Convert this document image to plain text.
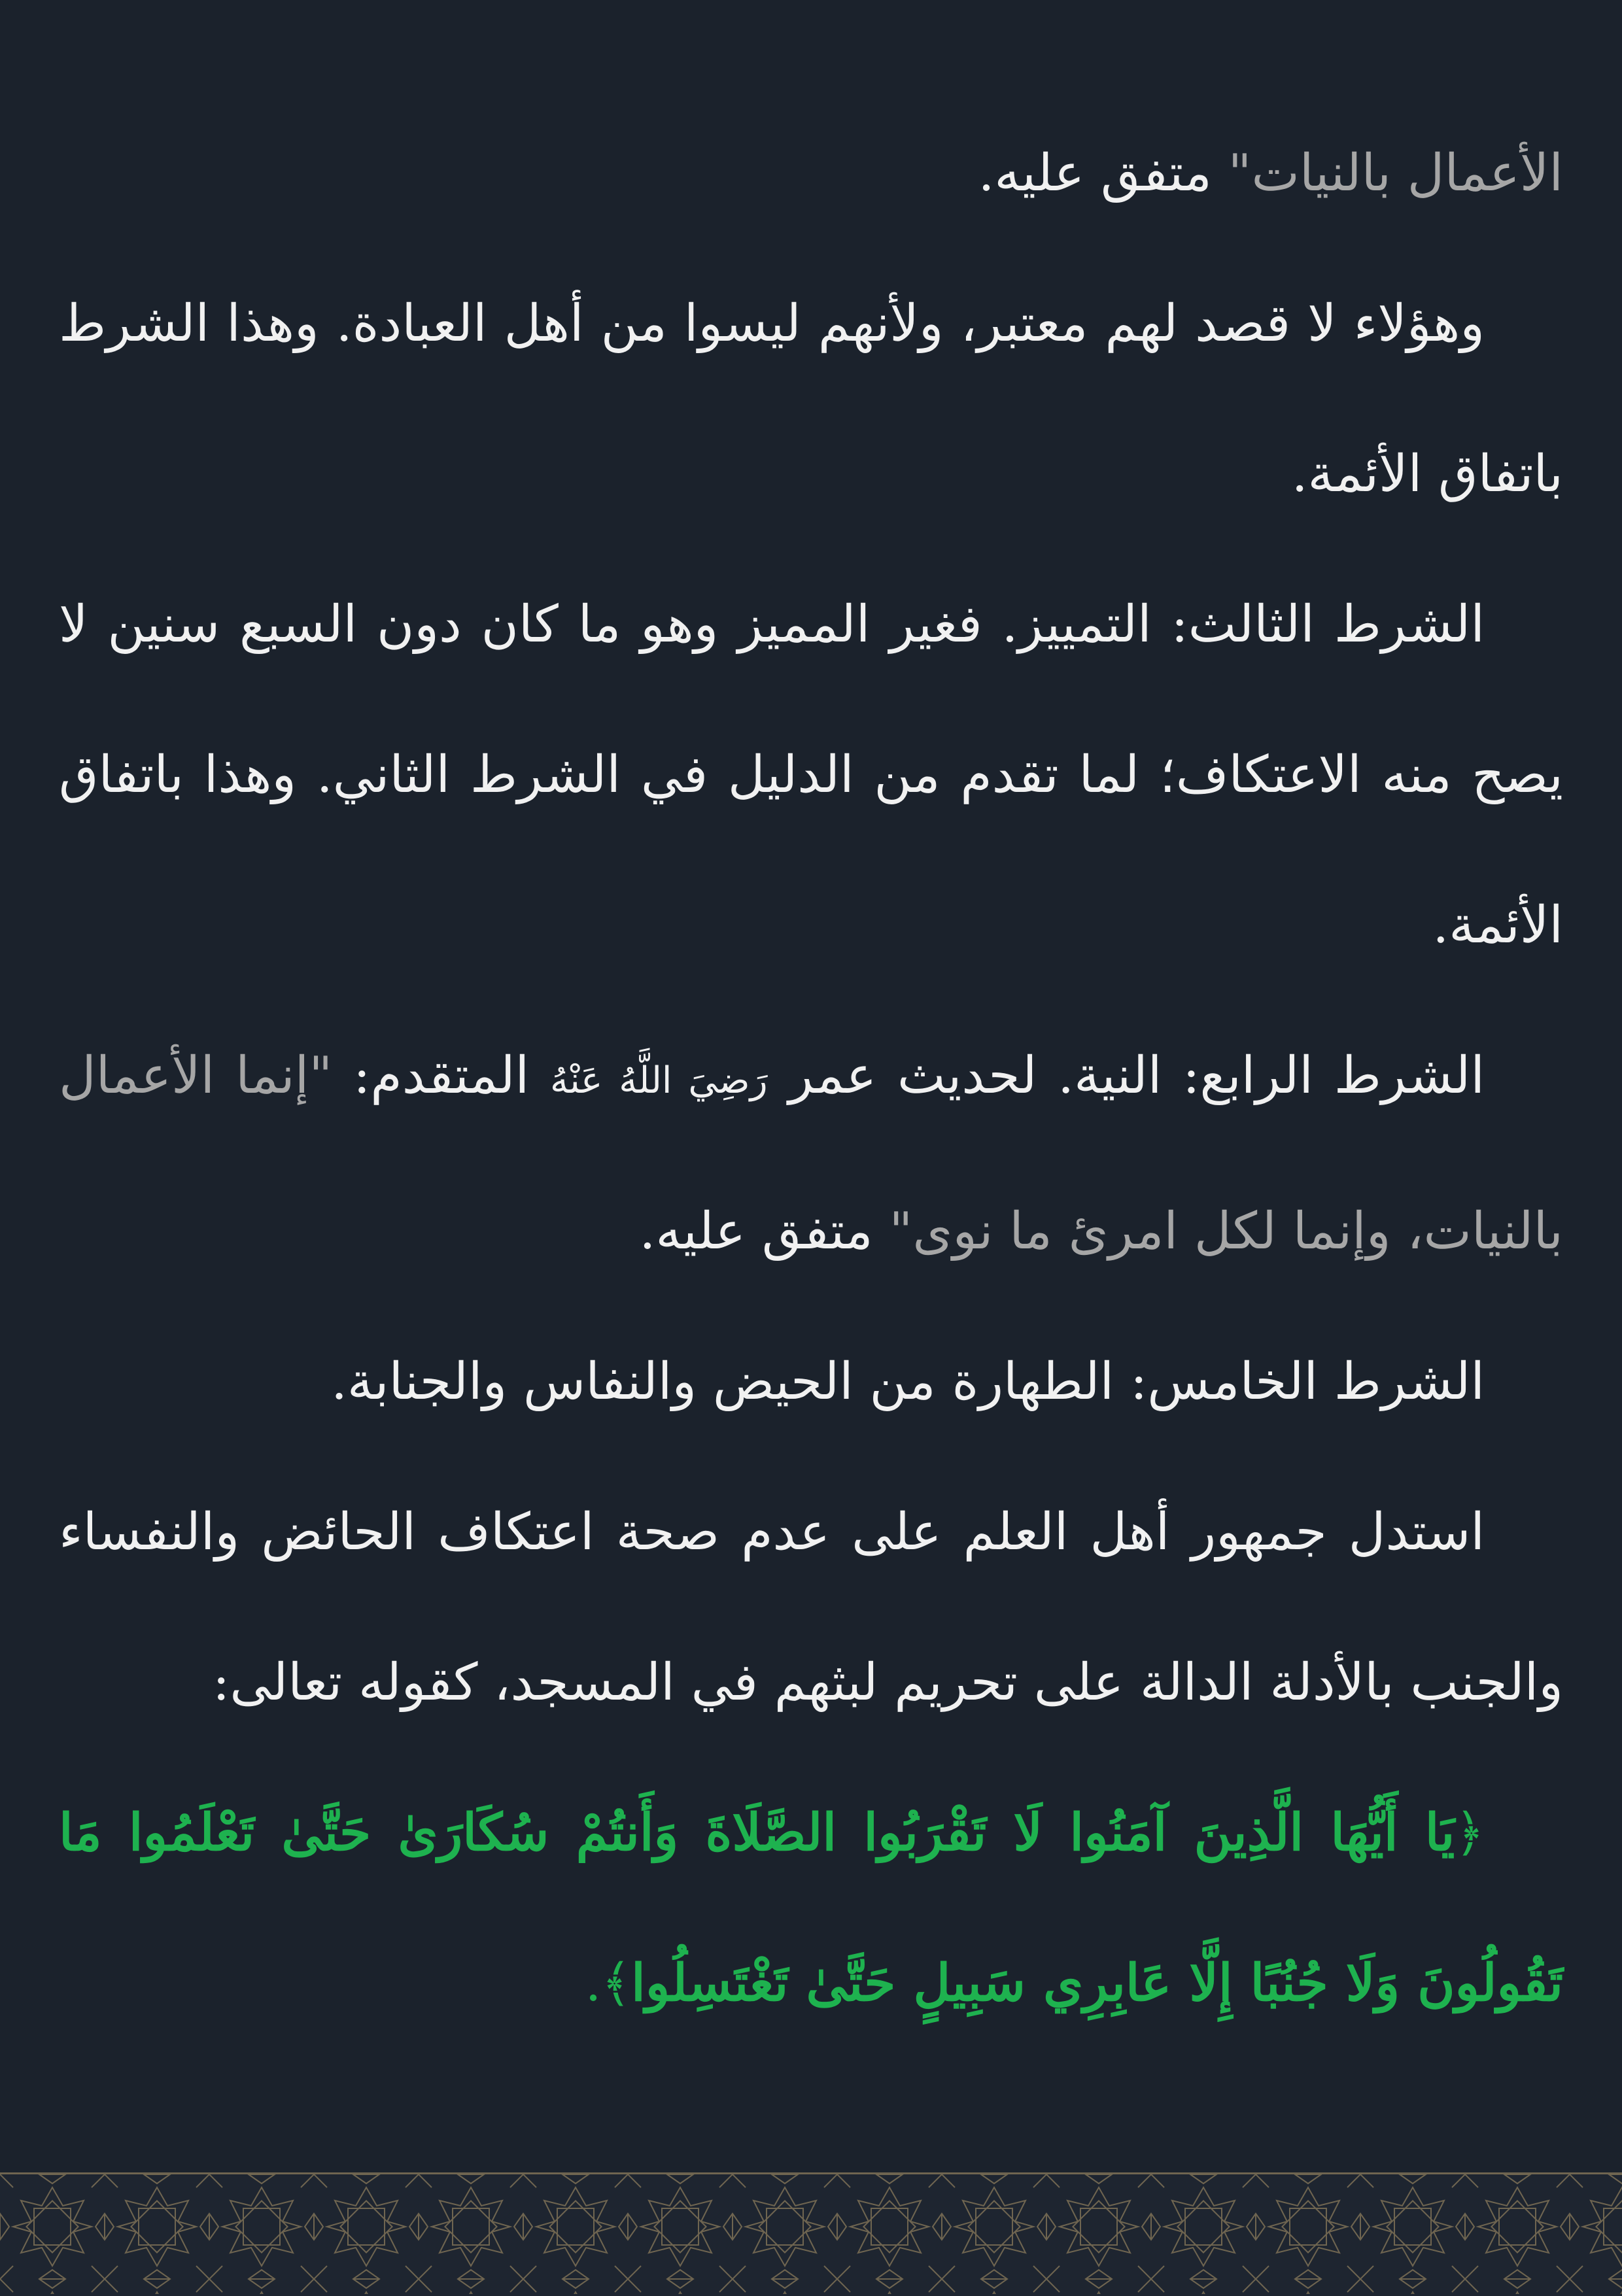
الأعمال بالنيات" متفق عليه.

وهؤلاء لا قصد لهم معتبر، ولأنهم ليسوا من أهل العبادة. وهذا الشرط باتفاق الأئمة.

الشرط الثالث: التمييز. فغير المميز وهو ما كان دون السبع سنين لا يصح منه الاعتكاف؛ لما تقدم من الدليل في الشرط الثاني. وهذا باتفاق الأئمة.

الشرط الرابع: النية. لحديث عمر رَضِيَ اللَّهُ عَنْهُ المتقدم: "إنما الأعمال بالنيات، وإنما لكل امرئ ما نوى" متفق عليه.

الشرط الخامس: الطهارة من الحيض والنفاس والجنابة.

استدل جمهور أهل العلم على عدم صحة اعتكاف الحائض والنفساء والجنب بالأدلة الدالة على تحريم لبثهم في المسجد، كقوله تعالى:

﴿يَا أَيُّهَا الَّذِينَ آمَنُوا لَا تَقْرَبُوا الصَّلَاةَ وَأَنتُمْ سُكَارَىٰ حَتَّىٰ تَعْلَمُوا مَا تَقُولُونَ وَلَا جُنُبًا إِلَّا عَابِرِي سَبِيلٍ حَتَّىٰ تَغْتَسِلُوا﴾.
